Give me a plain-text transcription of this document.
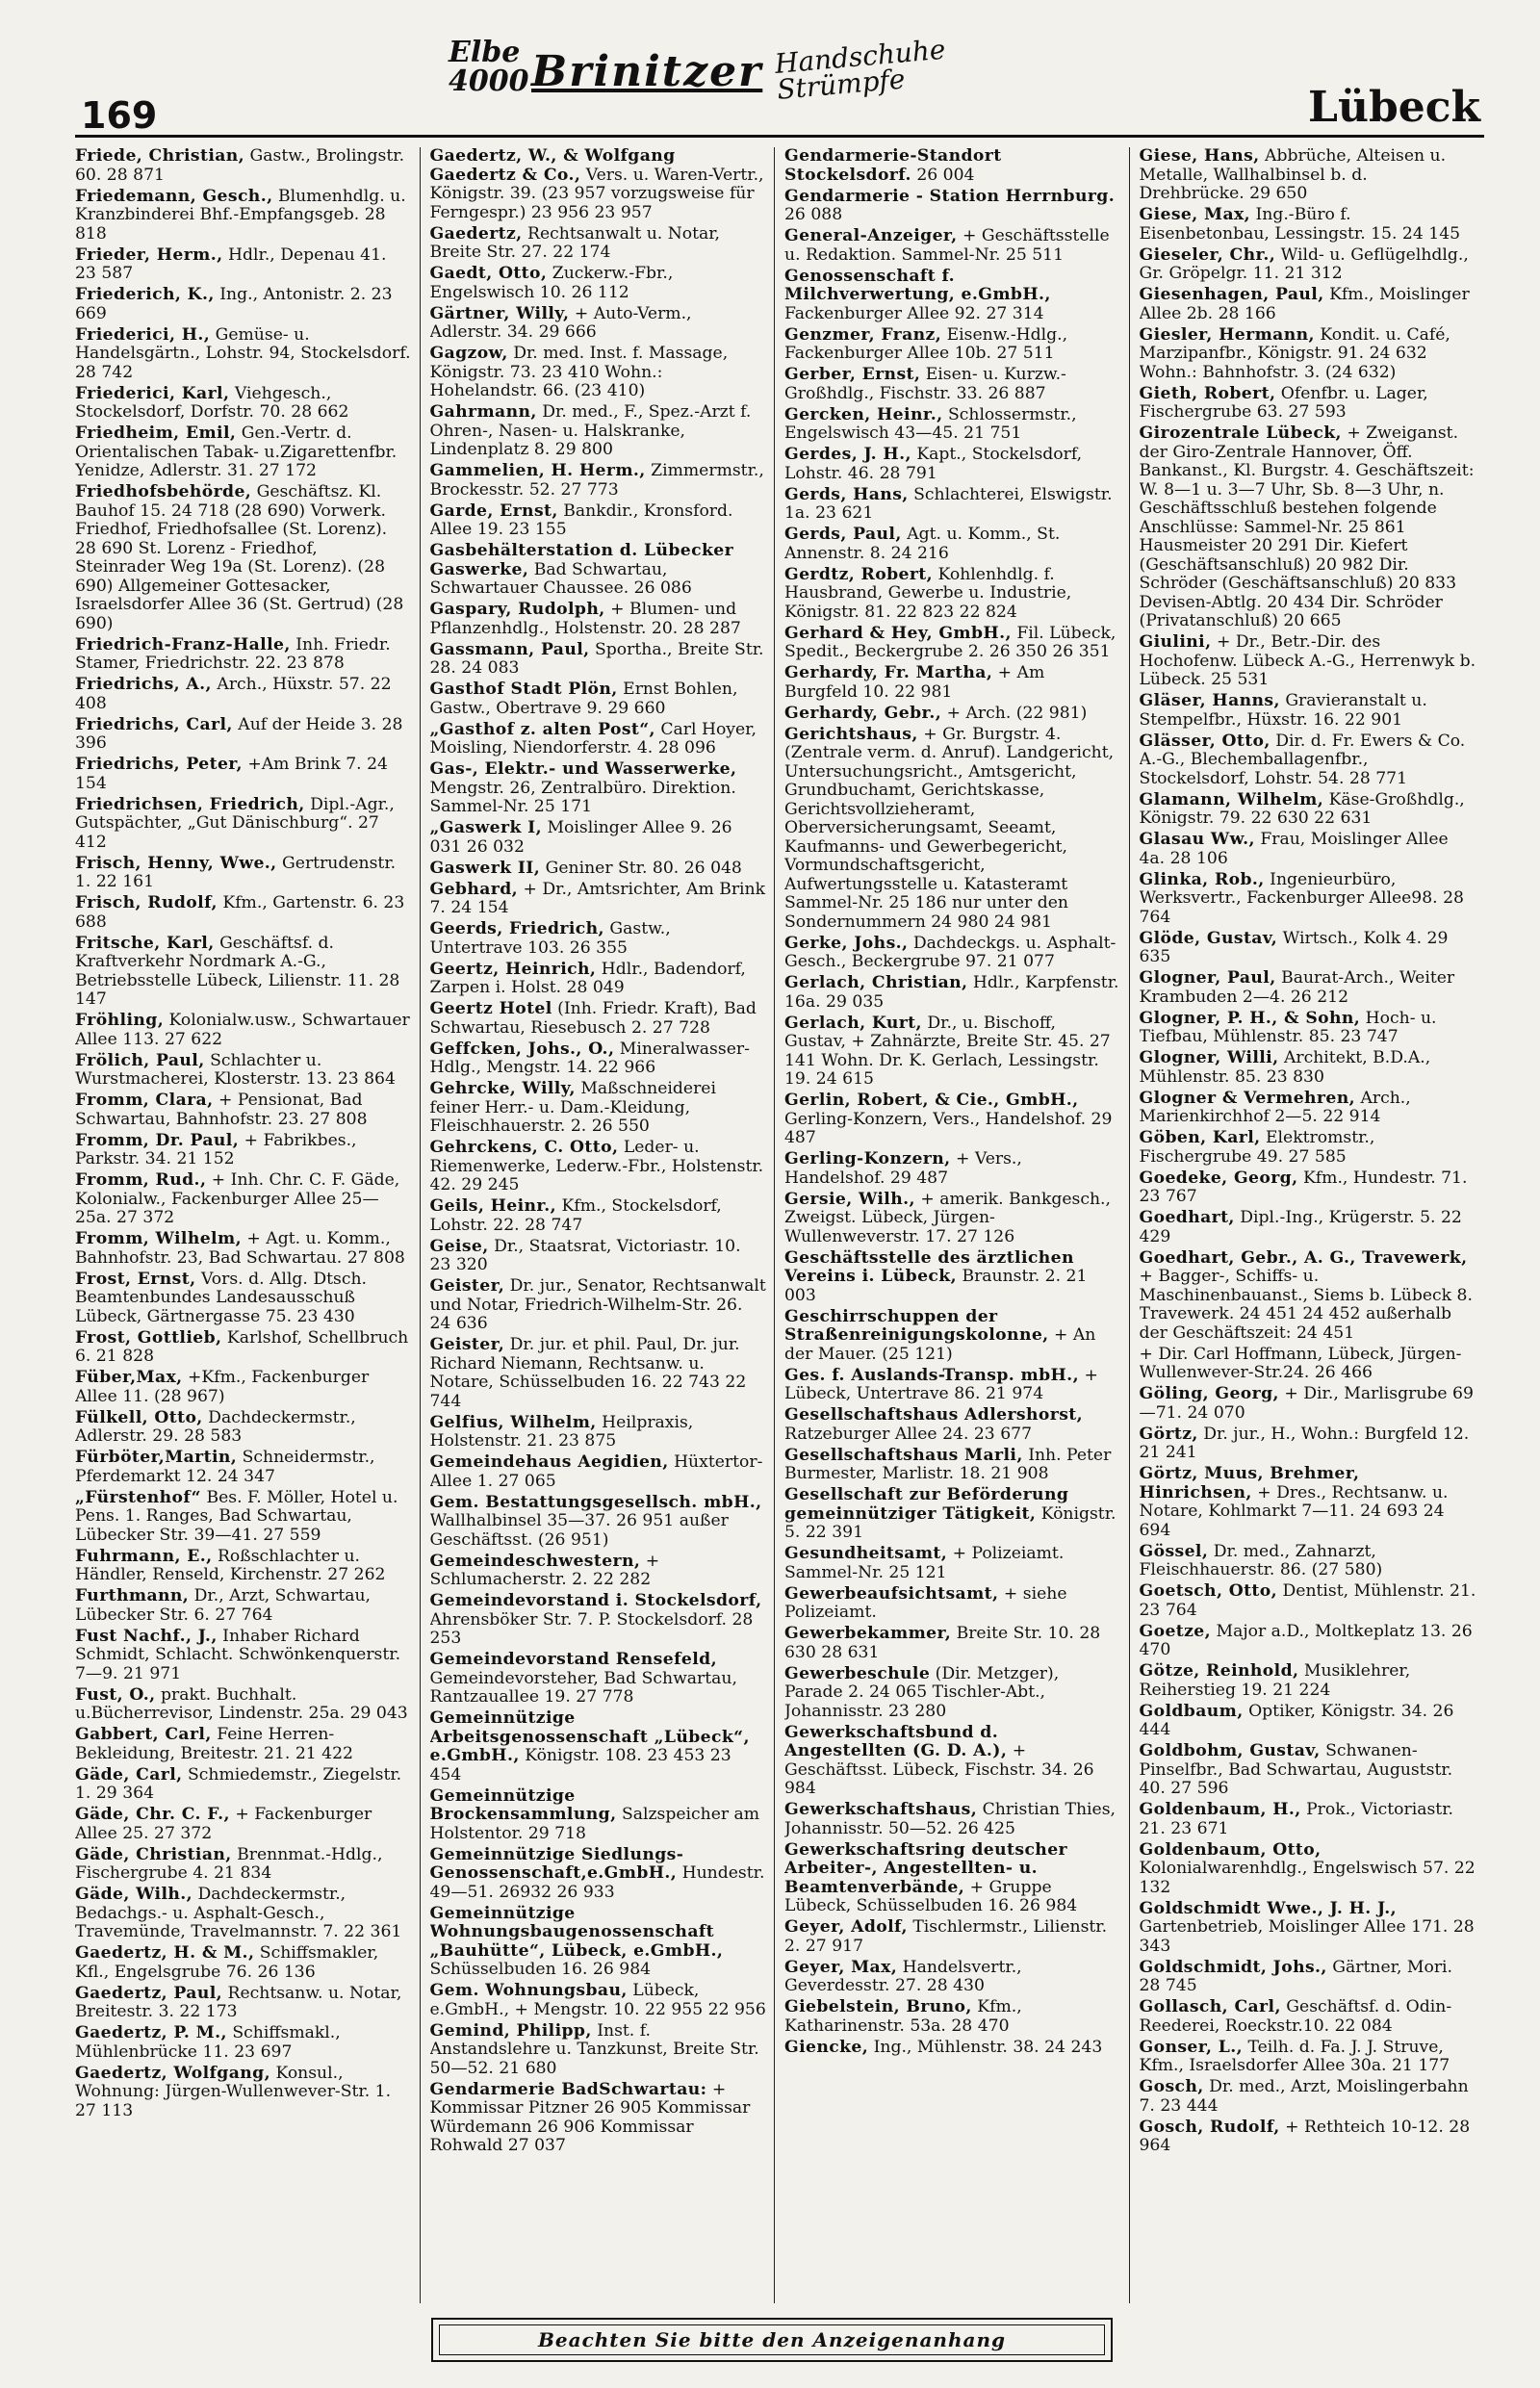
169
Elbe 4000 Brinitzer Handschuhe Strümpfe	Lübeck
Friede, Christian, Gastw., Brolingstr. 60. 28 871
Friedemann, Gesch., Blumenhdlg. u. Kranzbinderei Bhf.-Empfangsgeb. 28 818
Frieder, Herm., Hdlr., Depenau 41. 23 587
Friederich, K., Ing., Antonistr. 2. 23 669
Friederici, H., Gemüse- u. Handelsgärtn., Lohstr. 94, Stockelsdorf. 28 742
Friederici, Karl, Viehgesch., Stockelsdorf, Dorfstr. 70. 28 662
Friedheim, Emil, Gen.-Vertr. d. Orientalischen Tabak- u.Zigarettenfbr. Yenidze, Adlerstr. 31. 27 172
Friedhofsbehörde, Geschäftsz. Kl. Bauhof 15. 24 718 (28 690) Vorwerk. Friedhof, Friedhofsallee (St. Lorenz). 28 690 St. Lorenz - Friedhof, Steinrader Weg 19a (St. Lorenz). (28 690) Allgemeiner Gottesacker, Israelsdorfer Allee 36 (St. Gertrud) (28 690)
Friedrich-Franz-Halle, Inh. Friedr. Stamer, Friedrichstr. 22. 23 878
Friedrichs, A., Arch., Hüxstr. 57. 22 408
Friedrichs, Carl, Auf der Heide 3. 28 396
Friedrichs, Peter, +Am Brink 7. 24 154
Friedrichsen, Friedrich, Dipl.-Agr., Gutspächter, „Gut Dänischburg“. 27 412
Frisch, Henny, Wwe., Gertrudenstr. 1. 22 161
Frisch, Rudolf, Kfm., Gartenstr. 6. 23 688
Fritsche, Karl, Geschäftsf. d. Kraftverkehr Nordmark A.-G., Betriebsstelle Lübeck, Lilienstr. 11. 28 147
Fröhling, Kolonialw.usw., Schwartauer Allee 113. 27 622
Frölich, Paul, Schlachter u. Wurstmacherei, Klosterstr. 13. 23 864
Fromm, Clara, + Pensionat, Bad Schwartau, Bahnhofstr. 23. 27 808
Fromm, Dr. Paul, + Fabrikbes., Parkstr. 34. 21 152
Fromm, Rud., + Inh. Chr. C. F. Gäde, Kolonialw., Fackenburger Allee 25—25a. 27 372
Fromm, Wilhelm, + Agt. u. Komm., Bahnhofstr. 23, Bad Schwartau. 27 808
Frost, Ernst, Vors. d. Allg. Dtsch. Beamtenbundes Landesausschuß Lübeck, Gärtnergasse 75. 23 430
Frost, Gottlieb, Karlshof, Schellbruch 6. 21 828
Füber,Max, +Kfm., Fackenburger Allee 11. (28 967)
Fülkell, Otto, Dachdeckermstr., Adlerstr. 29. 28 583
Fürböter,Martin, Schneidermstr., Pferdemarkt 12. 24 347
„Fürstenhof“ Bes. F. Möller, Hotel u. Pens. 1. Ranges, Bad Schwartau, Lübecker Str. 39—41. 27 559
Fuhrmann, E., Roßschlachter u. Händler, Renseld, Kirchenstr. 27 262
Furthmann, Dr., Arzt, Schwartau, Lübecker Str. 6. 27 764
Fust Nachf., J., Inhaber Richard Schmidt, Schlacht. Schwönkenquerstr. 7—9. 21 971
Fust, O., prakt. Buchhalt. u.Bücherrevisor, Lindenstr. 25a. 29 043
Gabbert, Carl, Feine Herren-Bekleidung, Breitestr. 21. 21 422
Gäde, Carl, Schmiedemstr., Ziegelstr. 1. 29 364
Gäde, Chr. C. F., + Fackenburger Allee 25. 27 372
Gäde, Christian, Brennmat.-Hdlg., Fischergrube 4. 21 834
Gäde, Wilh., Dachdeckermstr., Bedachgs.- u. Asphalt-Gesch., Travemünde, Travelmannstr. 7. 22 361
Gaedertz, H. & M., Schiffsmakler, Kfl., Engelsgrube 76. 26 136
Gaedertz, Paul, Rechtsanw. u. Notar, Breitestr. 3. 22 173
Gaedertz, P. M., Schiffsmakl., Mühlenbrücke 11. 23 697
Gaedertz, Wolfgang, Konsul., Wohnung: Jürgen-Wullenwever-Str. 1. 27 113
Gaedertz, W., & Wolfgang Gaedertz & Co., Vers. u. Waren-Vertr., Königstr. 39. (23 957 vorzugsweise für Ferngespr.) 23 956 23 957
Gaedertz, Rechtsanwalt u. Notar, Breite Str. 27. 22 174
Gaedt, Otto, Zuckerw.-Fbr., Engelswisch 10. 26 112
Gärtner, Willy, + Auto-Verm., Adlerstr. 34. 29 666
Gagzow, Dr. med. Inst. f. Massage, Königstr. 73. 23 410 Wohn.: Hohelandstr. 66. (23 410)
Gahrmann, Dr. med., F., Spez.-Arzt f. Ohren-, Nasen- u. Halskranke, Lindenplatz 8. 29 800
Gammelien, H. Herm., Zimmermstr., Brockesstr. 52. 27 773
Garde, Ernst, Bankdir., Kronsford. Allee 19. 23 155
Gasbehälterstation d. Lübecker Gaswerke, Bad Schwartau, Schwartauer Chaussee. 26 086
Gaspary, Rudolph, + Blumen- und Pflanzenhdlg., Holstenstr. 20. 28 287
Gassmann, Paul, Sportha., Breite Str. 28. 24 083
Gasthof Stadt Plön, Ernst Bohlen, Gastw., Obertrave 9. 29 660
„Gasthof z. alten Post“, Carl Hoyer, Moisling, Niendorferstr. 4. 28 096
Gas-, Elektr.- und Wasserwerke, Mengstr. 26, Zentralbüro. Direktion. Sammel-Nr. 25 171
„Gaswerk I, Moislinger Allee 9. 26 031 26 032
Gaswerk II, Geniner Str. 80. 26 048
Gebhard, + Dr., Amtsrichter, Am Brink 7. 24 154
Geerds, Friedrich, Gastw., Untertrave 103. 26 355
Geertz, Heinrich, Hdlr., Badendorf, Zarpen i. Holst. 28 049
Geertz Hotel (Inh. Friedr. Kraft), Bad Schwartau, Riesebusch 2. 27 728
Geffcken, Johs., O., Mineralwasser-Hdlg., Mengstr. 14. 22 966
Gehrcke, Willy, Maßschneiderei feiner Herr.- u. Dam.-Kleidung, Fleischhauerstr. 2. 26 550
Gehrckens, C. Otto, Leder- u. Riemenwerke, Lederw.-Fbr., Holstenstr. 42. 29 245
Geils, Heinr., Kfm., Stockelsdorf, Lohstr. 22. 28 747
Geise, Dr., Staatsrat, Victoriastr. 10. 23 320
Geister, Dr. jur., Senator, Rechtsanwalt und Notar, Friedrich-Wilhelm-Str. 26. 24 636
Geister, Dr. jur. et phil. Paul, Dr. jur. Richard Niemann, Rechtsanw. u. Notare, Schüsselbuden 16. 22 743 22 744
Gelfius, Wilhelm, Heilpraxis, Holstenstr. 21. 23 875
Gemeindehaus Aegidien, Hüxtertor-Allee 1. 27 065
Gem. Bestattungsgesellsch. mbH., Wallhalbinsel 35—37. 26 951 außer Geschäftsst. (26 951)
Gemeindeschwestern, + Schlumacherstr. 2. 22 282
Gemeindevorstand i. Stockelsdorf, Ahrensböker Str. 7. P. Stockelsdorf. 28 253
Gemeindevorstand Rensefeld, Gemeindevorsteher, Bad Schwartau, Rantzauallee 19. 27 778
Gemeinnützige Arbeitsgenossenschaft „Lübeck“, e.GmbH., Königstr. 108. 23 453 23 454
Gemeinnützige Brockensammlung, Salzspeicher am Holstentor. 29 718
Gemeinnützige Siedlungs-Genossenschaft,e.GmbH., Hundestr. 49—51. 26932 26 933
Gemeinnützige Wohnungsbaugenossenschaft „Bauhütte“, Lübeck, e.GmbH., Schüsselbuden 16. 26 984
Gem. Wohnungsbau, Lübeck, e.GmbH., + Mengstr. 10. 22 955 22 956
Gemind, Philipp, Inst. f. Anstandslehre u. Tanzkunst, Breite Str. 50—52. 21 680
Gendarmerie BadSchwartau: + Kommissar Pitzner 26 905 Kommissar Würdemann 26 906 Kommissar Rohwald 27 037
Gendarmerie-Standort Stockelsdorf. 26 004
Gendarmerie - Station Herrnburg. 26 088
General-Anzeiger, + Geschäftsstelle u. Redaktion. Sammel-Nr. 25 511
Genossenschaft f. Milchverwertung, e.GmbH., Fackenburger Allee 92. 27 314
Genzmer, Franz, Eisenw.-Hdlg., Fackenburger Allee 10b. 27 511
Gerber, Ernst, Eisen- u. Kurzw.-Großhdlg., Fischstr. 33. 26 887
Gercken, Heinr., Schlossermstr., Engelswisch 43—45. 21 751
Gerdes, J. H., Kapt., Stockelsdorf, Lohstr. 46. 28 791
Gerds, Hans, Schlachterei, Elswigstr. 1a. 23 621
Gerds, Paul, Agt. u. Komm., St. Annenstr. 8. 24 216
Gerdtz, Robert, Kohlenhdlg. f. Hausbrand, Gewerbe u. Industrie, Königstr. 81. 22 823 22 824
Gerhard & Hey, GmbH., Fil. Lübeck, Spedit., Beckergrube 2. 26 350 26 351
Gerhardy, Fr. Martha, + Am Burgfeld 10. 22 981
Gerhardy, Gebr., + Arch. (22 981)
Gerichtshaus, + Gr. Burgstr. 4. (Zentrale verm. d. Anruf). Landgericht, Untersuchungsricht., Amtsgericht, Grundbuchamt, Gerichtskasse, Gerichtsvollzieheramt, Oberversicherungsamt, Seeamt, Kaufmanns- und Gewerbegericht, Vormundschaftsgericht, Aufwertungsstelle u. Katasteramt Sammel-Nr. 25 186 nur unter den Sondernummern 24 980 24 981
Gerke, Johs., Dachdeckgs. u. Asphalt-Gesch., Beckergrube 97. 21 077
Gerlach, Christian, Hdlr., Karpfenstr. 16a. 29 035
Gerlach, Kurt, Dr., u. Bischoff, Gustav, + Zahnärzte, Breite Str. 45. 27 141 Wohn. Dr. K. Gerlach, Lessingstr. 19. 24 615
Gerlin, Robert, & Cie., GmbH., Gerling-Konzern, Vers., Handelshof. 29 487
Gerling-Konzern, + Vers., Handelshof. 29 487
Gersie, Wilh., + amerik. Bankgesch., Zweigst. Lübeck, Jürgen-Wullenweverstr. 17. 27 126
Geschäftsstelle des ärztlichen Vereins i. Lübeck, Braunstr. 2. 21 003
Geschirrschuppen der Straßenreinigungskolonne, + An der Mauer. (25 121)
Ges. f. Auslands-Transp. mbH., + Lübeck, Untertrave 86. 21 974
Gesellschaftshaus Adlershorst, Ratzeburger Allee 24. 23 677
Gesellschaftshaus Marli, Inh. Peter Burmester, Marlistr. 18. 21 908
Gesellschaft zur Beförderung gemeinnütziger Tätigkeit, Königstr. 5. 22 391
Gesundheitsamt, + Polizeiamt. Sammel-Nr. 25 121
Gewerbeaufsichtsamt, + siehe Polizeiamt.
Gewerbekammer, Breite Str. 10. 28 630 28 631
Gewerbeschule (Dir. Metzger), Parade 2. 24 065 Tischler-Abt., Johannisstr. 23 280
Gewerkschaftsbund d. Angestellten (G. D. A.), + Geschäftsst. Lübeck, Fischstr. 34. 26 984
Gewerkschaftshaus, Christian Thies, Johannisstr. 50—52. 26 425
Gewerkschaftsring deutscher Arbeiter-, Angestellten- u. Beamtenverbände, + Gruppe Lübeck, Schüsselbuden 16. 26 984
Geyer, Adolf, Tischlermstr., Lilienstr. 2. 27 917
Geyer, Max, Handelsvertr., Geverdesstr. 27. 28 430
Giebelstein, Bruno, Kfm., Katharinenstr. 53a. 28 470
Giencke, Ing., Mühlenstr. 38. 24 243
Giese, Hans, Abbrüche, Alteisen u. Metalle, Wallhalbinsel b. d. Drehbrücke. 29 650
Giese, Max, Ing.-Büro f. Eisenbetonbau, Lessingstr. 15. 24 145
Gieseler, Chr., Wild- u. Geflügelhdlg., Gr. Gröpelgr. 11. 21 312
Giesenhagen, Paul, Kfm., Moislinger Allee 2b. 28 166
Giesler, Hermann, Kondit. u. Café, Marzipanfbr., Königstr. 91. 24 632 Wohn.: Bahnhofstr. 3. (24 632)
Gieth, Robert, Ofenfbr. u. Lager, Fischergrube 63. 27 593
Girozentrale Lübeck, + Zweiganst. der Giro-Zentrale Hannover, Öff. Bankanst., Kl. Burgstr. 4. Geschäftszeit: W. 8—1 u. 3—7 Uhr, Sb. 8—3 Uhr, n. Geschäftsschluß bestehen folgende Anschlüsse: Sammel-Nr. 25 861 Hausmeister 20 291 Dir. Kiefert (Geschäftsanschluß) 20 982 Dir. Schröder (Geschäftsanschluß) 20 833 Devisen-Abtlg. 20 434 Dir. Schröder (Privatanschluß) 20 665
Giulini, + Dr., Betr.-Dir. des Hochofenw. Lübeck A.-G., Herrenwyk b. Lübeck. 25 531
Gläser, Hanns, Gravieranstalt u. Stempelfbr., Hüxstr. 16. 22 901
Glässer, Otto, Dir. d. Fr. Ewers & Co. A.-G., Blechemballagenfbr., Stockelsdorf, Lohstr. 54. 28 771
Glamann, Wilhelm, Käse-Großhdlg., Königstr. 79. 22 630 22 631
Glasau Ww., Frau, Moislinger Allee 4a. 28 106
Glinka, Rob., Ingenieurbüro, Werksvertr., Fackenburger Allee98. 28 764
Glöde, Gustav, Wirtsch., Kolk 4. 29 635
Glogner, Paul, Baurat-Arch., Weiter Krambuden 2—4. 26 212
Glogner, P. H., & Sohn, Hoch- u. Tiefbau, Mühlenstr. 85. 23 747
Glogner, Willi, Architekt, B.D.A., Mühlenstr. 85. 23 830
Glogner & Vermehren, Arch., Marienkirchhof 2—5. 22 914
Göben, Karl, Elektromstr., Fischergrube 49. 27 585
Goedeke, Georg, Kfm., Hundestr. 71. 23 767
Goedhart, Dipl.-Ing., Krügerstr. 5. 22 429
Goedhart, Gebr., A. G., Travewerk, + Bagger-, Schiffs- u. Maschinenbauanst., Siems b. Lübeck 8. Travewerk. 24 451 24 452 außerhalb der Geschäftszeit: 24 451
+ Dir. Carl Hoffmann, Lübeck, Jürgen-Wullenwever-Str.24. 26 466
Göling, Georg, + Dir., Marlisgrube 69—71. 24 070
Görtz, Dr. jur., H., Wohn.: Burgfeld 12. 21 241
Görtz, Muus, Brehmer, Hinrichsen, + Dres., Rechtsanw. u. Notare, Kohlmarkt 7—11. 24 693 24 694
Gössel, Dr. med., Zahnarzt, Fleischhauerstr. 86. (27 580)
Goetsch, Otto, Dentist, Mühlenstr. 21. 23 764
Goetze, Major a.D., Moltkeplatz 13. 26 470
Götze, Reinhold, Musiklehrer, Reiherstieg 19. 21 224
Goldbaum, Optiker, Königstr. 34. 26 444
Goldbohm, Gustav, Schwanen-Pinselfbr., Bad Schwartau, Auguststr. 40. 27 596
Goldenbaum, H., Prok., Victoriastr. 21. 23 671
Goldenbaum, Otto, Kolonialwarenhdlg., Engelswisch 57. 22 132
Goldschmidt Wwe., J. H. J., Gartenbetrieb, Moislinger Allee 171. 28 343
Goldschmidt, Johs., Gärtner, Mori. 28 745
Gollasch, Carl, Geschäftsf. d. Odin-Reederei, Roeckstr.10. 22 084
Gonser, L., Teilh. d. Fa. J. J. Struve, Kfm., Israelsdorfer Allee 30a. 21 177
Gosch, Dr. med., Arzt, Moislingerbahn 7. 23 444
Gosch, Rudolf, + Rethteich 10-12. 28 964
Beachten Sie bitte den Anzeigenanhang
